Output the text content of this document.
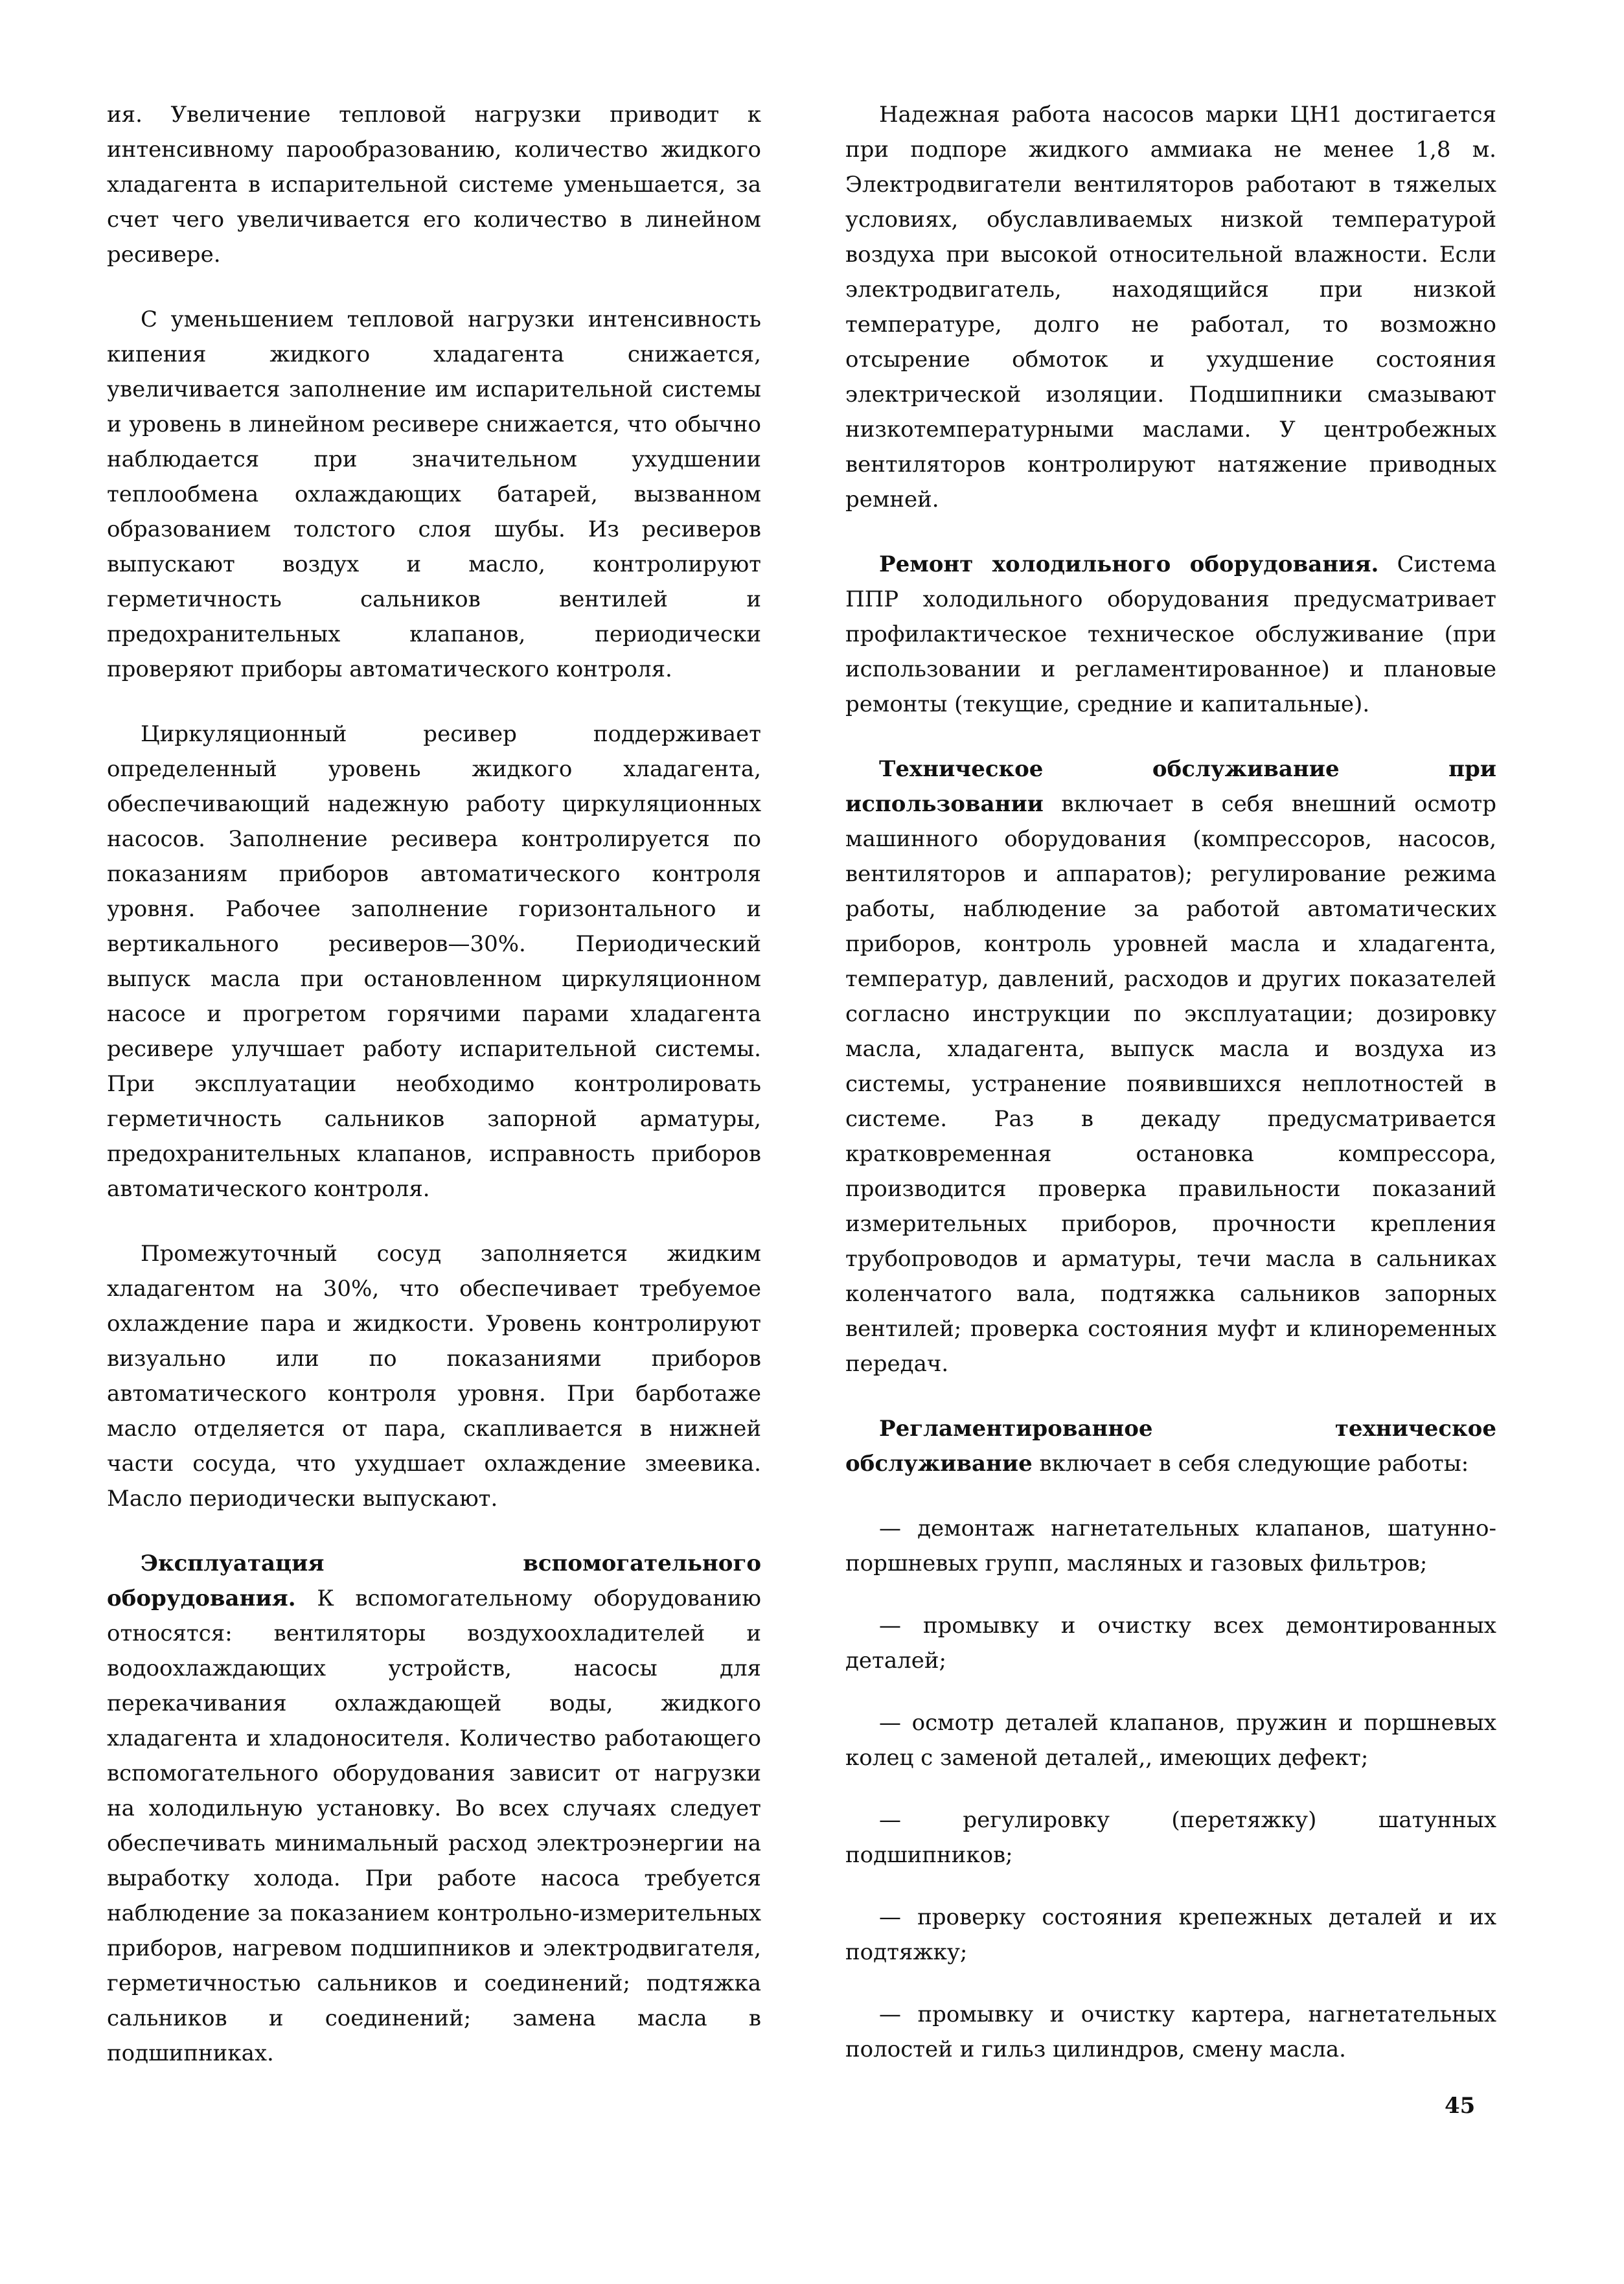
ия. Увеличение тепловой нагрузки приводит к интенсивному парообразованию, количество жидкого хладагента в испарительной системе уменьшается, за счет чего увеличивается его количество в линейном ресивере.

С уменьшением тепловой нагрузки интенсивность кипения жидкого хладагента снижается, увеличивается заполнение им испарительной системы и уровень в линейном ресивере снижается, что обычно наблюдается при значительном ухудшении теплообмена охлаждающих батарей, вызванном образованием толстого слоя шубы. Из ресиверов выпускают воздух и масло, контролируют герметичность сальников вентилей и предохранительных клапанов, периодически проверяют приборы автоматического контроля.

Циркуляционный ресивер поддерживает определенный уровень жидкого хладагента, обеспечивающий надежную работу циркуляционных насосов. Заполнение ресивера контролируется по показаниям приборов автоматического контроля уровня. Рабочее заполнение горизонтального и вертикального ресиверов—30%. Периодический выпуск масла при остановленном циркуляционном насосе и прогретом горячими парами хладагента ресивере улучшает работу испарительной системы. При эксплуатации необходимо контролировать герметичность сальников запорной арматуры, предохранительных клапанов, исправность приборов автоматического контроля.

Промежуточный сосуд заполняется жидким хладагентом на 30%, что обеспечивает требуемое охлаждение пара и жидкости. Уровень контролируют визуально или по показаниями приборов автоматического контроля уровня. При барботаже масло отделяется от пара, скапливается в нижней части сосуда, что ухудшает охлаждение змеевика. Масло периодически выпускают.

Эксплуатация вспомогательного оборудования. К вспомогательному оборудованию относятся: вентиляторы воздухоохладителей и водоохлаждающих устройств, насосы для перекачивания охлаждающей воды, жидкого хладагента и хладоносителя. Количество работающего вспомогательного оборудования зависит от нагрузки на холодильную установку. Во всех случаях следует обеспечивать минимальный расход электроэнергии на выработку холода. При работе насоса требуется наблюдение за показанием контрольно-измерительных приборов, нагревом подшипников и электродвигателя, герметичностью сальников и соединений; подтяжка сальников и соединений; замена масла в подшипниках.

Надежная работа насосов марки ЦН1 достигается при подпоре жидкого аммиака не менее 1,8 м. Электродвигатели вентиляторов работают в тяжелых условиях, обуславливаемых низкой температурой воздуха при высокой относительной влажности. Если электродвигатель, находящийся при низкой температуре, долго не работал, то возможно отсырение обмоток и ухудшение состояния электрической изоляции. Подшипники смазывают низкотемпературными маслами. У центробежных вентиляторов контролируют натяжение приводных ремней.

Ремонт холодильного оборудования. Система ППР холодильного оборудования предусматривает профилактическое техническое обслуживание (при использовании и регламентированное) и плановые ремонты (текущие, средние и капитальные).

Техническое обслуживание при использовании включает в себя внешний осмотр машинного оборудования (компрессоров, насосов, вентиляторов и аппаратов); регулирование режима работы, наблюдение за работой автоматических приборов, контроль уровней масла и хладагента, температур, давлений, расходов и других показателей согласно инструкции по эксплуатации; дозировку масла, хладагента, выпуск масла и воздуха из системы, устранение появившихся неплотностей в системе. Раз в декаду предусматривается кратковременная остановка компрессора, производится проверка правильности показаний измерительных приборов, прочности крепления трубопроводов и арматуры, течи масла в сальниках коленчатого вала, подтяжка сальников запорных вентилей; проверка состояния муфт и клиноременных передач.

Регламентированное техническое обслуживание включает в себя следующие работы:

— демонтаж нагнетательных клапанов, шатунно-поршневых групп, масляных и газовых фильтров;

— промывку и очистку всех демонтированных деталей;

— осмотр деталей клапанов, пружин и поршневых колец с заменой деталей,, имеющих дефект;

— регулировку (перетяжку) шатунных подшипников;

— проверку состояния крепежных деталей и их подтяжку;

— промывку и очистку картера, нагнетательных полостей и гильз цилиндров, смену масла.

45
